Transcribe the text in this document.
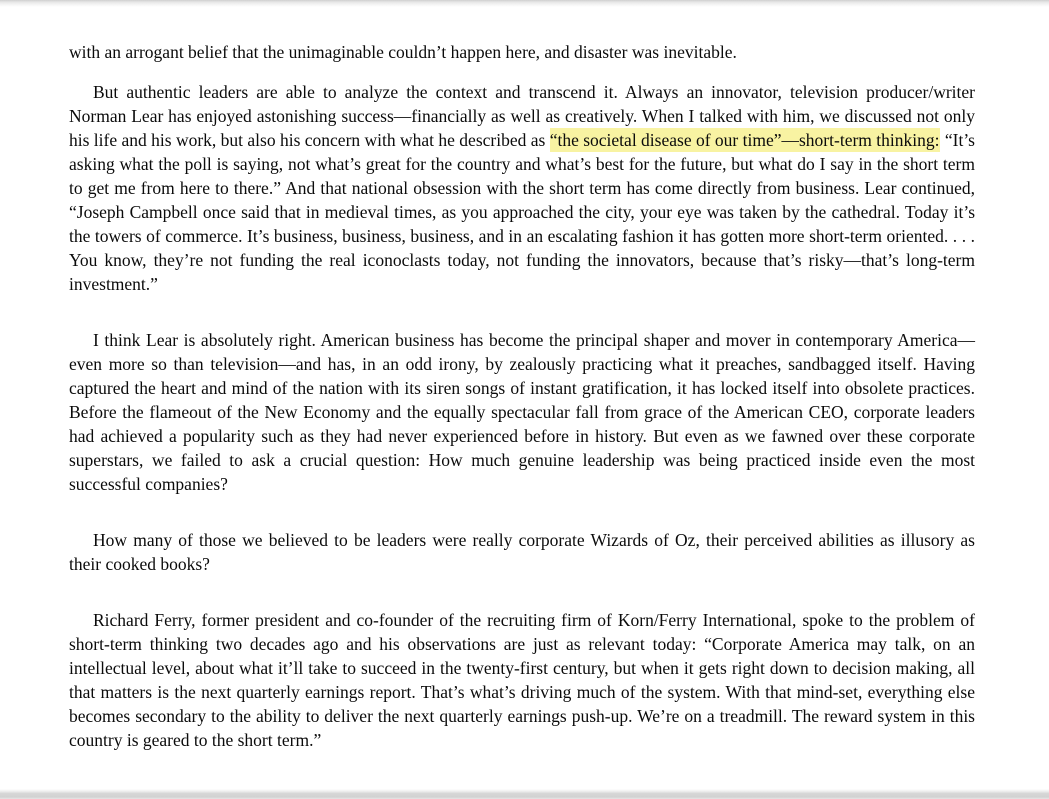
with an arrogant belief that the unimaginable couldn’t happen here, and disaster was inevitable.

But authentic leaders are able to analyze the context and transcend it. Always an innovator, television producer/writer Norman Lear has enjoyed astonishing success—financially as well as creatively. When I talked with him, we discussed not only his life and his work, but also his concern with what he described as “the societal disease of our time”—short-term thinking: “It’s asking what the poll is saying, not what’s great for the country and what’s best for the future, but what do I say in the short term to get me from here to there.” And that national obsession with the short term has come directly from business. Lear continued, “Joseph Campbell once said that in medieval times, as you approached the city, your eye was taken by the cathedral. Today it’s the towers of commerce. It’s business, business, business, and in an escalating fashion it has gotten more short-term oriented. . . . You know, they’re not funding the real iconoclasts today, not funding the innovators, because that’s risky—that’s long-term investment.”

I think Lear is absolutely right. American business has become the principal shaper and mover in contemporary America—even more so than television—and has, in an odd irony, by zealously practicing what it preaches, sandbagged itself. Having captured the heart and mind of the nation with its siren songs of instant gratification, it has locked itself into obsolete practices. Before the flameout of the New Economy and the equally spectacular fall from grace of the American CEO, corporate leaders had achieved a popularity such as they had never experienced before in history. But even as we fawned over these corporate superstars, we failed to ask a crucial question: How much genuine leadership was being practiced inside even the most successful companies?

How many of those we believed to be leaders were really corporate Wizards of Oz, their perceived abilities as illusory as their cooked books?

Richard Ferry, former president and co-founder of the recruiting firm of Korn/Ferry International, spoke to the problem of short-term thinking two decades ago and his observations are just as relevant today: “Corporate America may talk, on an intellectual level, about what it’ll take to succeed in the twenty-first century, but when it gets right down to decision making, all that matters is the next quarterly earnings report. That’s what’s driving much of the system. With that mind-set, everything else becomes secondary to the ability to deliver the next quarterly earnings push-up. We’re on a treadmill. The reward system in this country is geared to the short term.”
